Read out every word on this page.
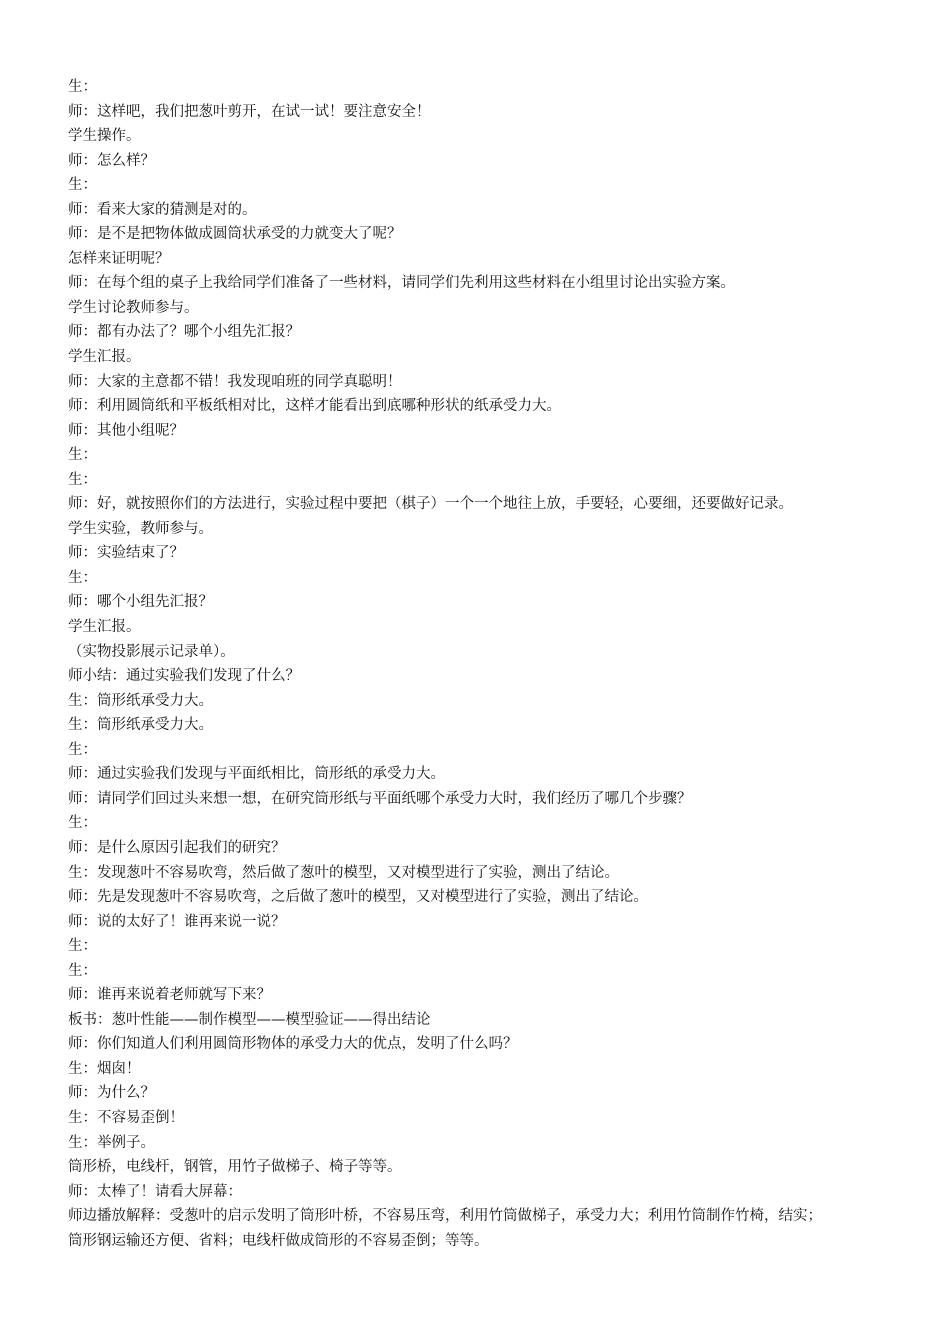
生：
师：这样吧，我们把葱叶剪开，在试一试！要注意安全！
学生操作。
师：怎么样？
生：
师：看来大家的猜测是对的。
师：是不是把物体做成圆筒状承受的力就变大了呢？
怎样来证明呢？
师：在每个组的桌子上我给同学们准备了一些材料，请同学们先利用这些材料在小组里讨论出实验方案。
学生讨论教师参与。
师：都有办法了？哪个小组先汇报？
学生汇报。
师：大家的主意都不错！我发现咱班的同学真聪明！
师：利用圆筒纸和平板纸相对比，这样才能看出到底哪种形状的纸承受力大。
师：其他小组呢？
生：
生：
师：好，就按照你们的方法进行，实验过程中要把（棋子）一个一个地往上放，手要轻，心要细，还要做好记录。
学生实验，教师参与。
师：实验结束了？
生：
师：哪个小组先汇报？
学生汇报。
（实物投影展示记录单）。
师小结：通过实验我们发现了什么？
生：筒形纸承受力大。
生：筒形纸承受力大。
生：
师：通过实验我们发现与平面纸相比，筒形纸的承受力大。
师：请同学们回过头来想一想，在研究筒形纸与平面纸哪个承受力大时，我们经历了哪几个步骤？
生：
师：是什么原因引起我们的研究？
生：发现葱叶不容易吹弯，然后做了葱叶的模型，又对模型进行了实验，测出了结论。
师：先是发现葱叶不容易吹弯，之后做了葱叶的模型，又对模型进行了实验，测出了结论。
师：说的太好了！谁再来说一说？
生：
生：
师：谁再来说着老师就写下来？
板书：葱叶性能——制作模型——模型验证——得出结论
师：你们知道人们利用圆筒形物体的承受力大的优点，发明了什么吗？
生：烟囱！
师：为什么？
生：不容易歪倒！
生：举例子。
筒形桥，电线杆，钢管，用竹子做梯子、椅子等等。
师：太棒了！请看大屏幕：
师边播放解释：受葱叶的启示发明了筒形叶桥，不容易压弯，利用竹筒做梯子，承受力大；利用竹筒制作竹椅，结实；
筒形钢运输还方便、省料；电线杆做成筒形的不容易歪倒；等等。
